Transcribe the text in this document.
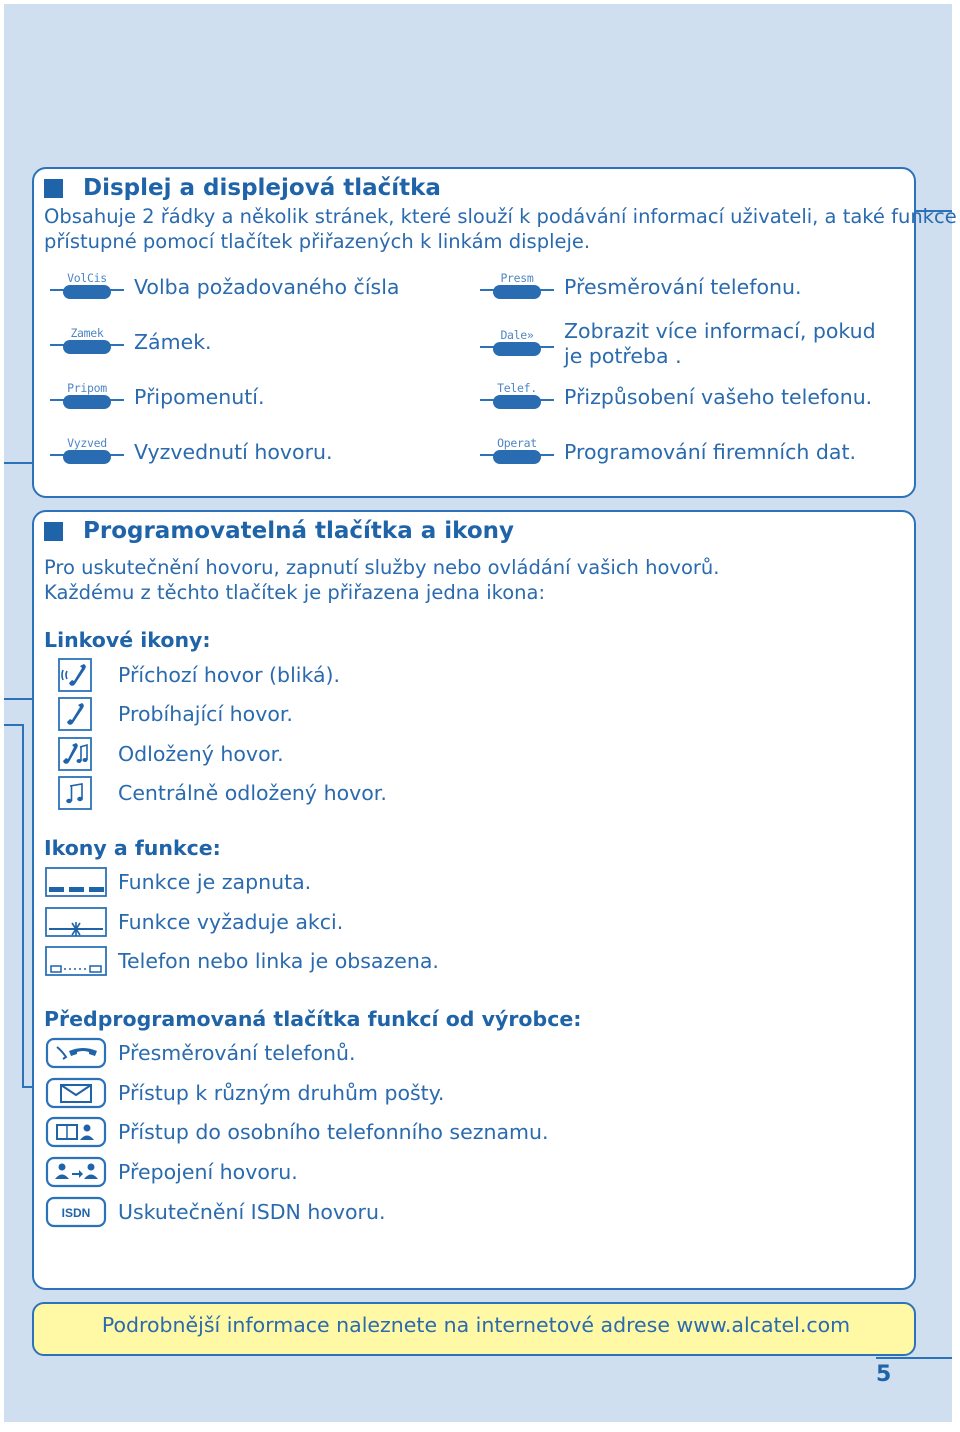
Displej a displejová tlačítka
Obsahuje 2 řádky a několik stránek, které slouží k podávání informací uživateli, a také funkce
přístupné pomocí tlačítek přiřazených k linkám displeje.
VolCis	Volba požadovaného čísla
Zamek	Zámek.
Pripom	Připomenutí.
Vyzved	Vyzvednutí hovoru.
Presm	Přesměrování telefonu.
Dale»	Zobrazit více informací, pokud
je potřeba .
Telef.	Přizpůsobení vašeho telefonu.
Operat	Programování firemních dat.
Programovatelná tlačítka a ikony
Pro uskutečnění hovoru, zapnutí služby nebo ovládání vašich hovorů.
Každému z těchto tlačítek je přiřazena jedna ikona:
Linkové ikony:
Příchozí hovor (bliká).
Probíhající hovor.
Odložený hovor.
Centrálně odložený hovor.
Ikony a funkce:
Funkce je zapnuta.
Funkce vyžaduje akci.
Telefon nebo linka je obsazena.
Předprogramovaná tlačítka funkcí od výrobce:
Přesměrování telefonů.
Přístup k různým druhům pošty.
Přístup do osobního telefonního seznamu.
Přepojení hovoru.
ISDN Uskutečnění ISDN hovoru.
Podrobnější informace naleznete na internetové adrese www.alcatel.com
5
